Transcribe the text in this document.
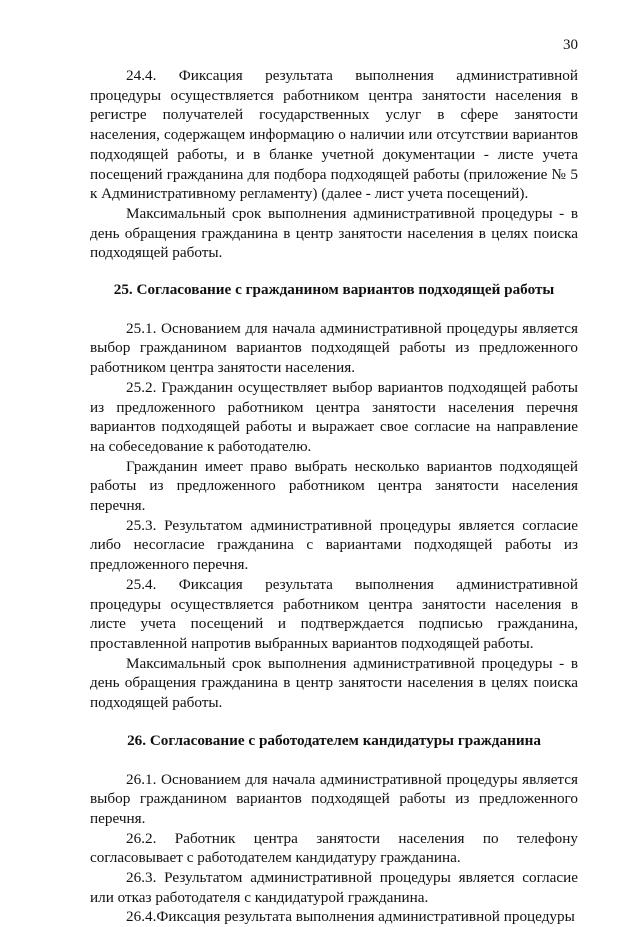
30

24.4. Фиксация результата выполнения административной процедуры осуществляется работником центра занятости населения в регистре получателей государственных услуг в сфере занятости населения, содержащем информацию о наличии или отсутствии вариантов подходящей работы, и в бланке учетной документации - листе учета посещений гражданина для подбора подходящей работы (приложение № 5 к Административному регламенту) (далее - лист учета посещений).

Максимальный срок выполнения административной процедуры - в день обращения гражданина в центр занятости населения в целях поиска подходящей работы.

25. Согласование с гражданином вариантов подходящей работы

25.1. Основанием для начала административной процедуры является выбор гражданином вариантов подходящей работы из предложенного работником центра занятости населения.

25.2. Гражданин осуществляет выбор вариантов подходящей работы из предложенного работником центра занятости населения перечня вариантов подходящей работы и выражает свое согласие на направление на собеседование к работодателю.

Гражданин имеет право выбрать несколько вариантов подходящей работы из предложенного работником центра занятости населения перечня.

25.3. Результатом административной процедуры является согласие либо несогласие гражданина с вариантами подходящей работы из предложенного перечня.

25.4. Фиксация результата выполнения административной процедуры осуществляется работником центра занятости населения в листе учета посещений и подтверждается подписью гражданина, проставленной напротив выбранных вариантов подходящей работы.

Максимальный срок выполнения административной процедуры - в день обращения гражданина в центр занятости населения в целях поиска подходящей работы.

26. Согласование с работодателем кандидатуры гражданина

26.1. Основанием для начала административной процедуры является выбор гражданином вариантов подходящей работы из предложенного перечня.

26.2. Работник центра занятости населения по телефону согласовывает с работодателем кандидатуру гражданина.

26.3. Результатом административной процедуры является согласие или отказ работодателя с кандидатурой гражданина.

26.4.Фиксация результата выполнения административной процедуры
